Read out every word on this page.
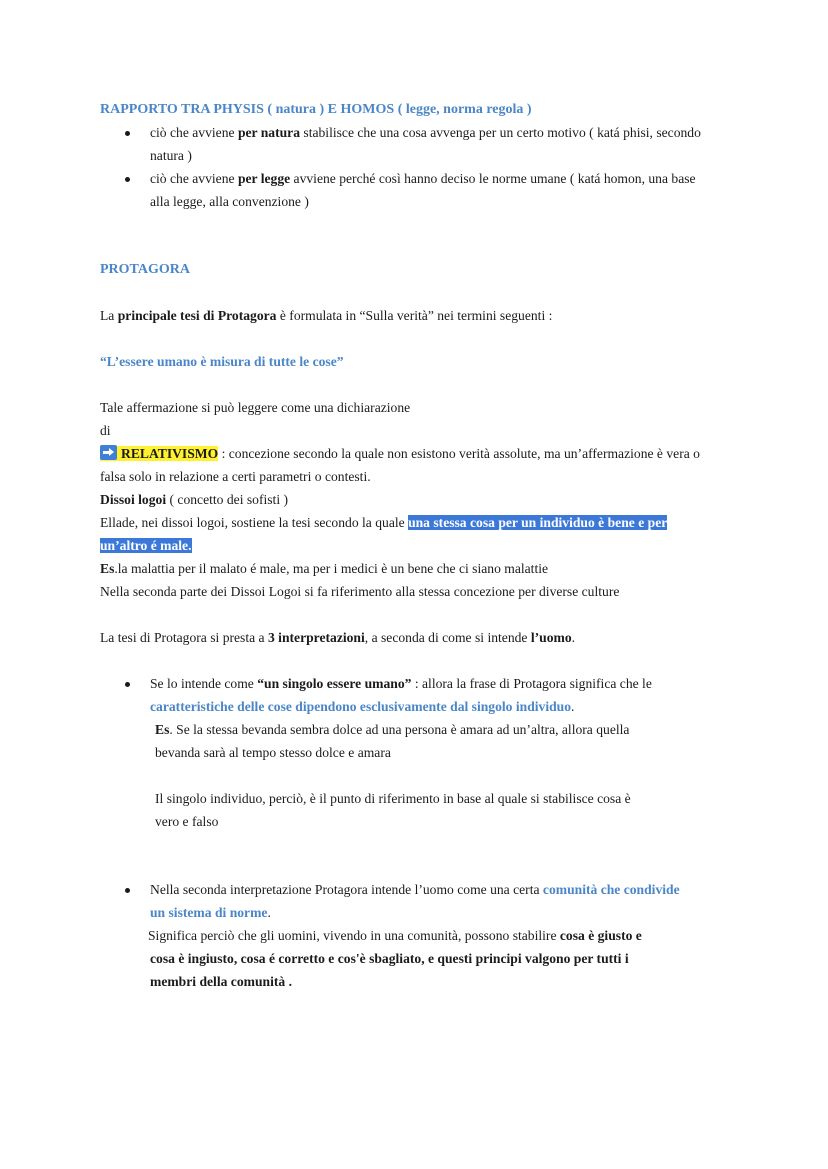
RAPPORTO TRA PHYSIS ( natura ) E HOMOS ( legge, norma regola )
ciò che avviene per natura stabilisce che una cosa avvenga per un certo motivo ( katá phisi, secondo
natura )
ciò che avviene per legge avviene perché così hanno deciso le norme umane ( katá homon, una base
alla legge, alla convenzione )
PROTAGORA
La principale tesi di Protagora è formulata in “Sulla verità” nei termini seguenti :
“L’essere umano è misura di tutte le cose”
Tale affermazione si può leggere come una dichiarazione
di
RELATIVISMO : concezione secondo la quale non esistono verità assolute, ma un’affermazione è vera o
falsa solo in relazione a certi parametri o contesti.
Dissoi logoi ( concetto dei sofisti )
Ellade, nei dissoi logoi, sostiene la tesi secondo la quale una stessa cosa per un individuo è bene e per
un’altro é male.
Es.la malattia per il malato é male, ma per i medici è un bene che ci siano malattie
Nella seconda parte dei Dissoi Logoi si fa riferimento alla stessa concezione per diverse culture
La tesi di Protagora si presta a 3 interpretazioni, a seconda di come si intende l’uomo.
Se lo intende come “un singolo essere umano” : allora la frase di Protagora significa che le
caratteristiche delle cose dipendono esclusivamente dal singolo individuo.
Es. Se la stessa bevanda sembra dolce ad una persona è amara ad un’altra, allora quella
bevanda sarà al tempo stesso dolce e amara
Il singolo individuo, perciò, è il punto di riferimento in base al quale si stabilisce cosa è
vero e falso
Nella seconda interpretazione Protagora intende l’uomo come una certa comunità che condivide
un sistema di norme.
Significa perciò che gli uomini, vivendo in una comunità, possono stabilire cosa è giusto e
cosa è ingiusto, cosa é corretto e cos'è sbagliato, e questi principi valgono per tutti i
membri della comunità .
